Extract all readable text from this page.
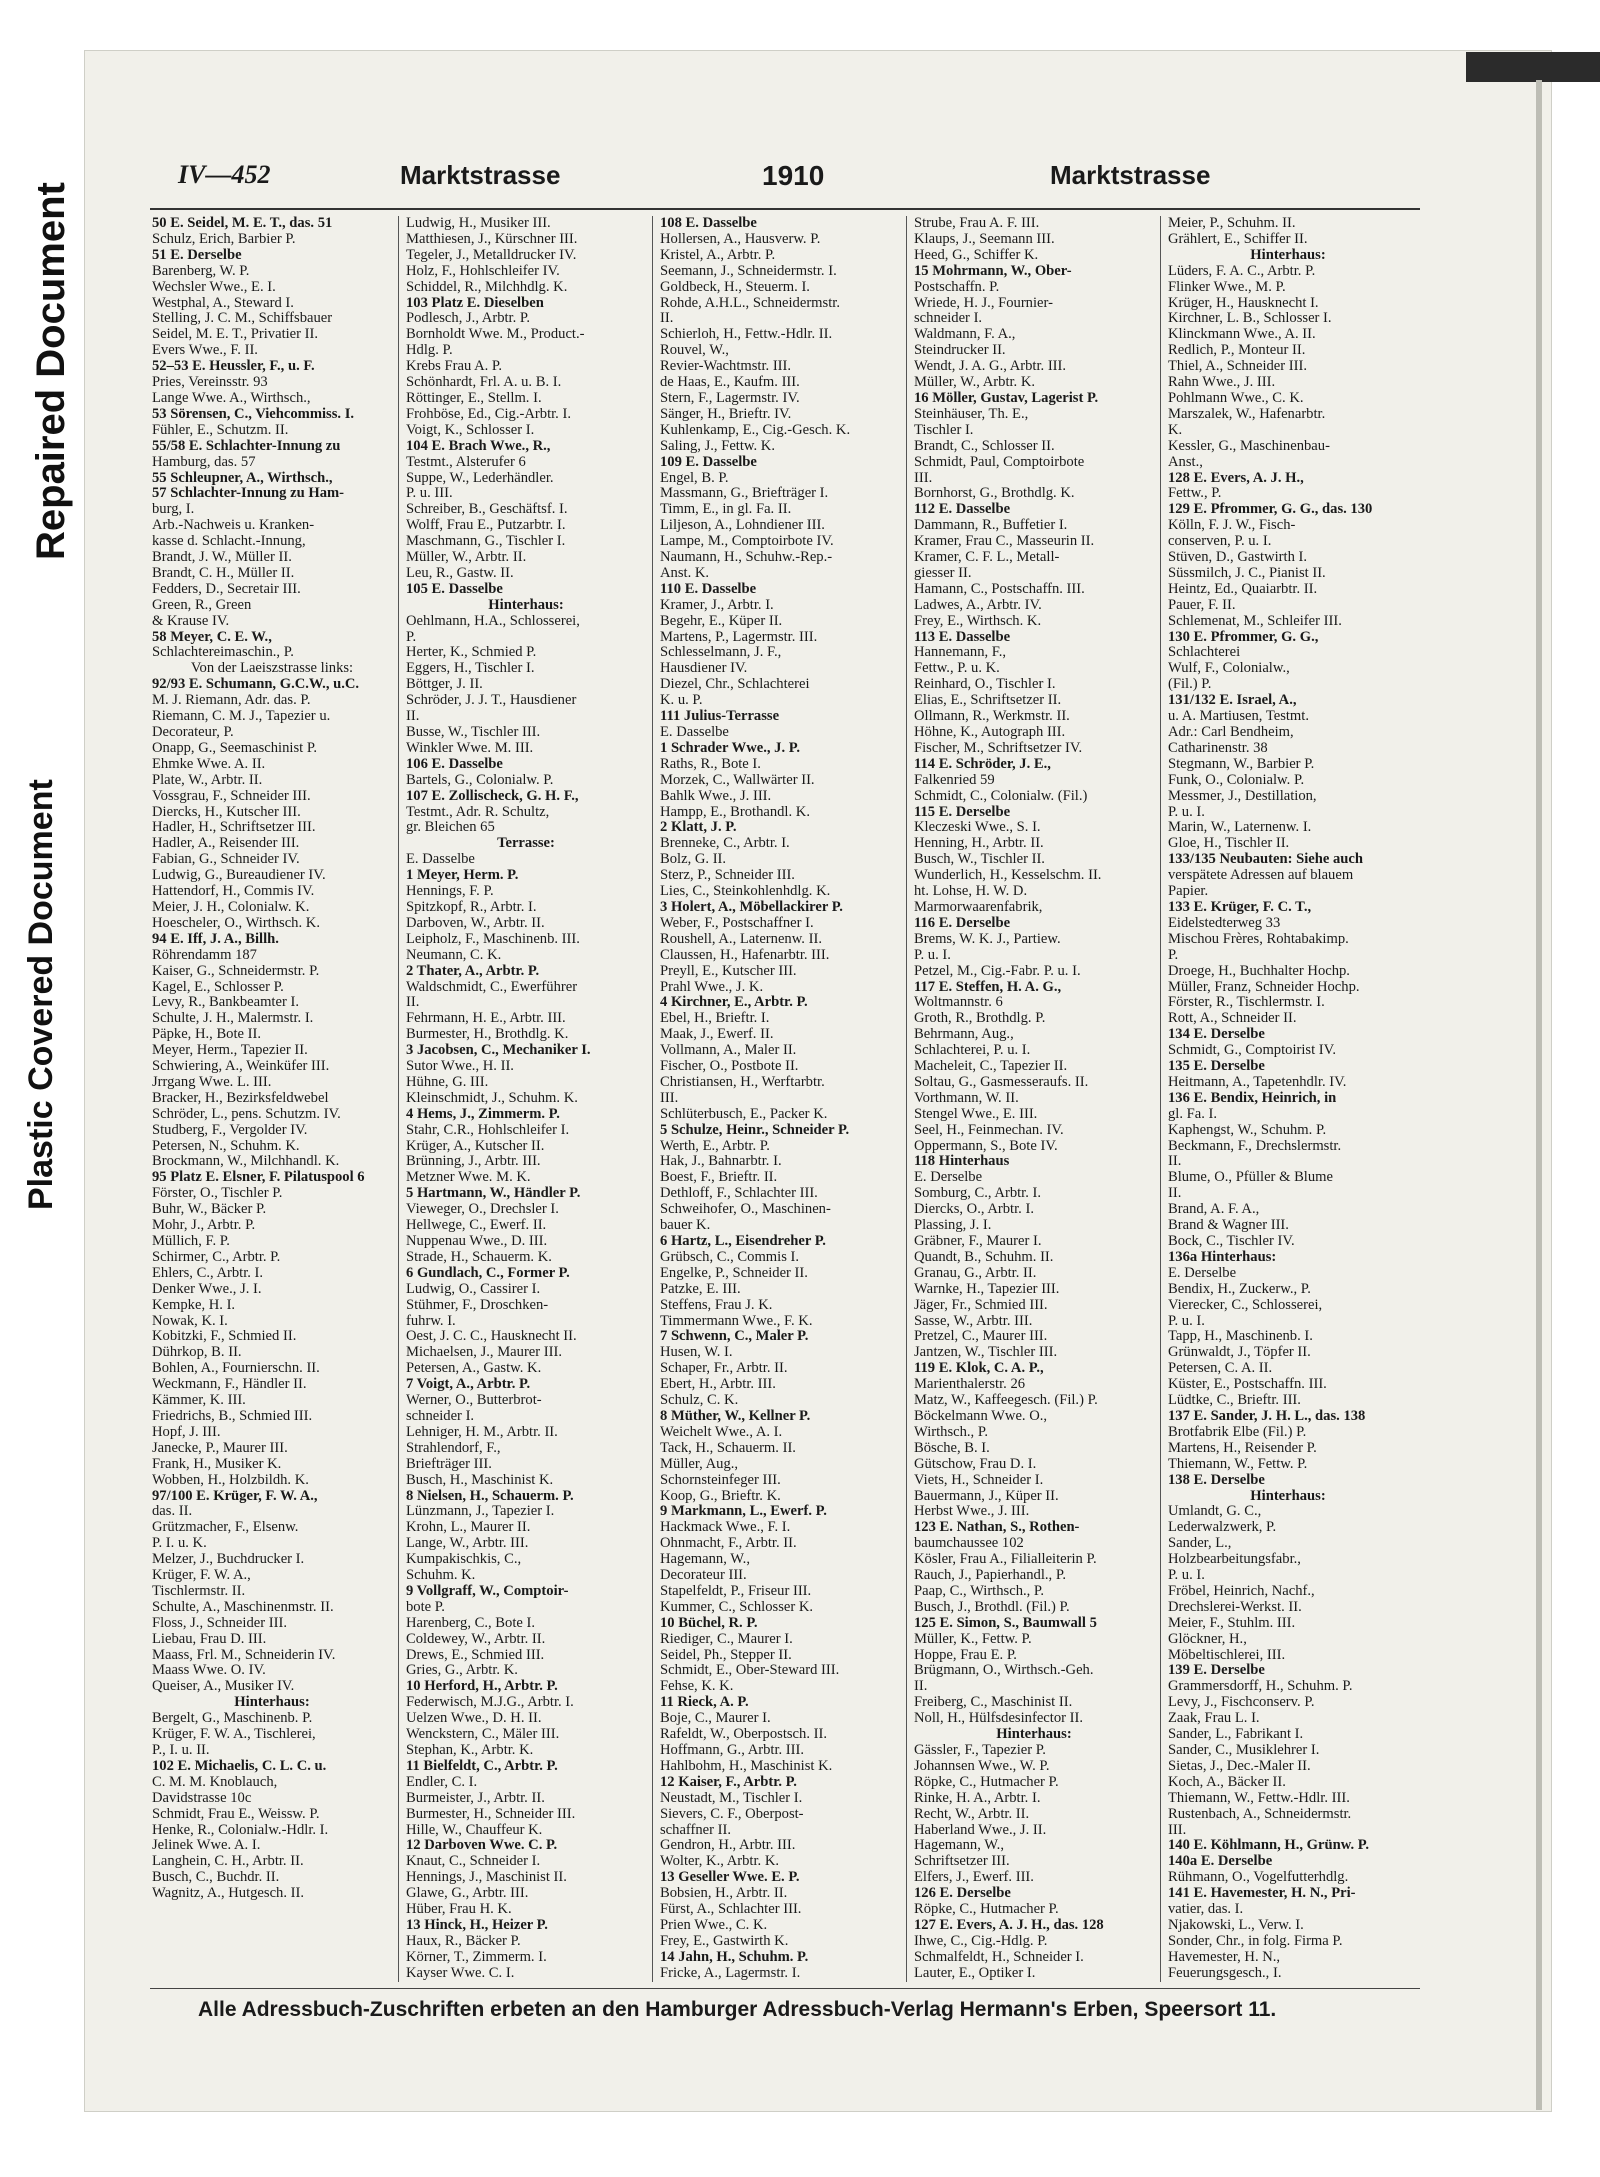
Repaired Document
Plastic Covered Document
IV—452	Marktstrasse	1910	Marktstrasse
50 E. Seidel, M. E. T., das. 51
Schulz, Erich, Barbier P.
51 E. Derselbe
Barenberg, W. P.
Wechsler Wwe., E. I.
Westphal, A., Steward I.
Stelling, J. C. M., Schiffsbauer
Seidel, M. E. T., Privatier II.
Evers Wwe., F. II.
52–53 E. Heussler, F., u. F.
Pries, Vereinsstr. 93
Lange Wwe. A., Wirthsch.,
53 Sörensen, C., Viehcommiss. I.
Fühler, E., Schutzm. II.
55/58 E. Schlachter-Innung zu
Hamburg, das. 57
55 Schleupner, A., Wirthsch.,
57 Schlachter-Innung zu Ham-
burg, I.
Arb.-Nachweis u. Kranken-
kasse d. Schlacht.-Innung,
Brandt, J. W., Müller II.
Brandt, C. H., Müller II.
Fedders, D., Secretair III.
Green, R., Green
& Krause IV.
58 Meyer, C. E. W.,
Schlachtereimaschin., P.
Von der Laeiszstrasse links:
92/93 E. Schumann, G.C.W., u.C.
M. J. Riemann, Adr. das. P.
Riemann, C. M. J., Tapezier u.
Decorateur, P.
Onapp, G., Seemaschinist P.
Ehmke Wwe. A. II.
Plate, W., Arbtr. II.
Vossgrau, F., Schneider III.
Diercks, H., Kutscher III.
Hadler, H., Schriftsetzer III.
Hadler, A., Reisender III.
Fabian, G., Schneider IV.
Ludwig, G., Bureaudiener IV.
Hattendorf, H., Commis IV.
Meier, J. H., Colonialw. K.
Hoescheler, O., Wirthsch. K.
94 E. Iff, J. A., Billh.
Röhrendamm 187
Kaiser, G., Schneidermstr. P.
Kagel, E., Schlosser P.
Levy, R., Bankbeamter I.
Schulte, J. H., Malermstr. I.
Päpke, H., Bote II.
Meyer, Herm., Tapezier II.
Schwiering, A., Weinküfer III.
Jrrgang Wwe. L. III.
Bracker, H., Bezirksfeldwebel
Schröder, L., pens. Schutzm. IV.
Studberg, F., Vergolder IV.
Petersen, N., Schuhm. K.
Brockmann, W., Milchhandl. K.
95 Platz E. Elsner, F. Pilatuspool 6
Förster, O., Tischler P.
Buhr, W., Bäcker P.
Mohr, J., Arbtr. P.
Müllich, F. P.
Schirmer, C., Arbtr. P.
Ehlers, C., Arbtr. I.
Denker Wwe., J. I.
Kempke, H. I.
Nowak, K. I.
Kobitzki, F., Schmied II.
Dührkop, B. II.
Bohlen, A., Fournierschn. II.
Weckmann, F., Händler II.
Kämmer, K. III.
Friedrichs, B., Schmied III.
Hopf, J. III.
Janecke, P., Maurer III.
Frank, H., Musiker K.
Wobben, H., Holzbildh. K.
97/100 E. Krüger, F. W. A.,
das. II.
Grützmacher, F., Elsenw.
P. I. u. K.
Melzer, J., Buchdrucker I.
Krüger, F. W. A.,
Tischlermstr. II.
Schulte, A., Maschinenmstr. II.
Floss, J., Schneider III.
Liebau, Frau D. III.
Maass, Frl. M., Schneiderin IV.
Maass Wwe. O. IV.
Queiser, A., Musiker IV.
Hinterhaus:
Bergelt, G., Maschinenb. P.
Krüger, F. W. A., Tischlerei,
P., I. u. II.
102 E. Michaelis, C. L. C. u.
C. M. M. Knoblauch,
Davidstrasse 10c
Schmidt, Frau E., Weissw. P.
Henke, R., Colonialw.-Hdlr. I.
Jelinek Wwe. A. I.
Langhein, C. H., Arbtr. II.
Busch, C., Buchdr. II.
Wagnitz, A., Hutgesch. II.
Ludwig, H., Musiker III.
Matthiesen, J., Kürschner III.
Tegeler, J., Metalldrucker IV.
Holz, F., Hohlschleifer IV.
Schiddel, R., Milchhdlg. K.
103 Platz E. Dieselben
Podlesch, J., Arbtr. P.
Bornholdt Wwe. M., Product.-
Hdlg. P.
Krebs Frau A. P.
Schönhardt, Frl. A. u. B. I.
Röttinger, E., Stellm. I.
Frohböse, Ed., Cig.-Arbtr. I.
Voigt, K., Schlosser I.
104 E. Brach Wwe., R.,
Testmt., Alsterufer 6
Suppe, W., Lederhändler.
P. u. III.
Schreiber, B., Geschäftsf. I.
Wolff, Frau E., Putzarbtr. I.
Maschmann, G., Tischler I.
Müller, W., Arbtr. II.
Leu, R., Gastw. II.
105 E. Dasselbe
Hinterhaus:
Oehlmann, H.A., Schlosserei,
P.
Herter, K., Schmied P.
Eggers, H., Tischler I.
Böttger, J. II.
Schröder, J. J. T., Hausdiener
II.
Busse, W., Tischler III.
Winkler Wwe. M. III.
106 E. Dasselbe
Bartels, G., Colonialw. P.
107 E. Zollischeck, G. H. F.,
Testmt., Adr. R. Schultz,
gr. Bleichen 65
Terrasse:
E. Dasselbe
1 Meyer, Herm. P.
Hennings, F. P.
Spitzkopf, R., Arbtr. I.
Darboven, W., Arbtr. II.
Leipholz, F., Maschinenb. III.
Neumann, C. K.
2 Thater, A., Arbtr. P.
Waldschmidt, C., Ewerführer
II.
Fehrmann, H. E., Arbtr. III.
Burmester, H., Brothdlg. K.
3 Jacobsen, C., Mechaniker I.
Sutor Wwe., H. II.
Hühne, G. III.
Kleinschmidt, J., Schuhm. K.
4 Hems, J., Zimmerm. P.
Stahr, C.R., Hohlschleifer I.
Krüger, A., Kutscher II.
Brünning, J., Arbtr. III.
Metzner Wwe. M. K.
5 Hartmann, W., Händler P.
Vieweger, O., Drechsler I.
Hellwege, C., Ewerf. II.
Nuppenau Wwe., D. III.
Strade, H., Schauerm. K.
6 Gundlach, C., Former P.
Ludwig, O., Cassirer I.
Stühmer, F., Droschken-
fuhrw. I.
Oest, J. C. C., Hausknecht II.
Michaelsen, J., Maurer III.
Petersen, A., Gastw. K.
7 Voigt, A., Arbtr. P.
Werner, O., Butterbrot-
schneider I.
Lehniger, H. M., Arbtr. II.
Strahlendorf, F.,
Briefträger III.
Busch, H., Maschinist K.
8 Nielsen, H., Schauerm. P.
Lünzmann, J., Tapezier I.
Krohn, L., Maurer II.
Lange, W., Arbtr. III.
Kumpakischkis, C.,
Schuhm. K.
9 Vollgraff, W., Comptoir-
bote P.
Harenberg, C., Bote I.
Coldewey, W., Arbtr. II.
Drews, E., Schmied III.
Gries, G., Arbtr. K.
10 Herford, H., Arbtr. P.
Federwisch, M.J.G., Arbtr. I.
Uelzen Wwe., D. H. II.
Wenckstern, C., Mäler III.
Stephan, K., Arbtr. K.
11 Bielfeldt, C., Arbtr. P.
Endler, C. I.
Burmeister, J., Arbtr. II.
Burmester, H., Schneider III.
Hille, W., Chauffeur K.
12 Darboven Wwe. C. P.
Knaut, C., Schneider I.
Hennings, J., Maschinist II.
Glawe, G., Arbtr. III.
Hüber, Frau H. K.
13 Hinck, H., Heizer P.
Haux, R., Bäcker P.
Körner, T., Zimmerm. I.
Kayser Wwe. C. I.
108 E. Dasselbe
Hollersen, A., Hausverw. P.
Kristel, A., Arbtr. P.
Seemann, J., Schneidermstr. I.
Goldbeck, H., Steuerm. I.
Rohde, A.H.L., Schneidermstr.
II.
Schierloh, H., Fettw.-Hdlr. II.
Rouvel, W.,
Revier-Wachtmstr. III.
de Haas, E., Kaufm. III.
Stern, F., Lagermstr. IV.
Sänger, H., Brieftr. IV.
Kuhlenkamp, E., Cig.-Gesch. K.
Saling, J., Fettw. K.
109 E. Dasselbe
Engel, B. P.
Massmann, G., Briefträger I.
Timm, E., in gl. Fa. II.
Liljeson, A., Lohndiener III.
Lampe, M., Comptoirbote IV.
Naumann, H., Schuhw.-Rep.-
Anst. K.
110 E. Dasselbe
Kramer, J., Arbtr. I.
Begehr, E., Küper II.
Martens, P., Lagermstr. III.
Schlesselmann, J. F.,
Hausdiener IV.
Diezel, Chr., Schlachterei
K. u. P.
111 Julius-Terrasse
E. Dasselbe
1 Schrader Wwe., J. P.
Raths, R., Bote I.
Morzek, C., Wallwärter II.
Bahlk Wwe., J. III.
Hampp, E., Brothandl. K.
2 Klatt, J. P.
Brenneke, C., Arbtr. I.
Bolz, G. II.
Sterz, P., Schneider III.
Lies, C., Steinkohlenhdlg. K.
3 Holert, A., Möbellackirer P.
Weber, F., Postschaffner I.
Roushell, A., Laternenw. II.
Claussen, H., Hafenarbtr. III.
Preyll, E., Kutscher III.
Prahl Wwe., J. K.
4 Kirchner, E., Arbtr. P.
Ebel, H., Brieftr. I.
Maak, J., Ewerf. II.
Vollmann, A., Maler II.
Fischer, O., Postbote II.
Christiansen, H., Werftarbtr.
III.
Schlüterbusch, E., Packer K.
5 Schulze, Heinr., Schneider P.
Werth, E., Arbtr. P.
Hak, J., Bahnarbtr. I.
Boest, F., Brieftr. II.
Dethloff, F., Schlachter III.
Schweihofer, O., Maschinen-
bauer K.
6 Hartz, L., Eisendreher P.
Grübsch, C., Commis I.
Engelke, P., Schneider II.
Patzke, E. III.
Steffens, Frau J. K.
Timmermann Wwe., F. K.
7 Schwenn, C., Maler P.
Husen, W. I.
Schaper, Fr., Arbtr. II.
Ebert, H., Arbtr. III.
Schulz, C. K.
8 Müther, W., Kellner P.
Weichelt Wwe., A. I.
Tack, H., Schauerm. II.
Müller, Aug.,
Schornsteinfeger III.
Koop, G., Brieftr. K.
9 Markmann, L., Ewerf. P.
Hackmack Wwe., F. I.
Ohnmacht, F., Arbtr. II.
Hagemann, W.,
Decorateur III.
Stapelfeldt, P., Friseur III.
Kummer, C., Schlosser K.
10 Büchel, R. P.
Riediger, C., Maurer I.
Seidel, Ph., Stepper II.
Schmidt, E., Ober-Steward III.
Fehse, K. K.
11 Rieck, A. P.
Boje, C., Maurer I.
Rafeldt, W., Oberpostsch. II.
Hoffmann, G., Arbtr. III.
Hahlbohm, H., Maschinist K.
12 Kaiser, F., Arbtr. P.
Neustadt, M., Tischler I.
Sievers, C. F., Oberpost-
schaffner II.
Gendron, H., Arbtr. III.
Wolter, K., Arbtr. K.
13 Geseller Wwe. E. P.
Bobsien, H., Arbtr. II.
Fürst, A., Schlachter III.
Prien Wwe., C. K.
Frey, E., Gastwirth K.
14 Jahn, H., Schuhm. P.
Fricke, A., Lagermstr. I.
Strube, Frau A. F. III.
Klaups, J., Seemann III.
Heed, G., Schiffer K.
15 Mohrmann, W., Ober-
Postschaffn. P.
Wriede, H. J., Fournier-
schneider I.
Waldmann, F. A.,
Steindrucker II.
Wendt, J. A. G., Arbtr. III.
Müller, W., Arbtr. K.
16 Möller, Gustav, Lagerist P.
Steinhäuser, Th. E.,
Tischler I.
Brandt, C., Schlosser II.
Schmidt, Paul, Comptoirbote
III.
Bornhorst, G., Brothdlg. K.
112 E. Dasselbe
Dammann, R., Buffetier I.
Kramer, Frau C., Masseurin II.
Kramer, C. F. L., Metall-
giesser II.
Hamann, C., Postschaffn. III.
Ladwes, A., Arbtr. IV.
Frey, E., Wirthsch. K.
113 E. Dasselbe
Hannemann, F.,
Fettw., P. u. K.
Reinhard, O., Tischler I.
Elias, E., Schriftsetzer II.
Ollmann, R., Werkmstr. II.
Höhne, K., Autograph III.
Fischer, M., Schriftsetzer IV.
114 E. Schröder, J. E.,
Falkenried 59
Schmidt, C., Colonialw. (Fil.)
115 E. Derselbe
Kleczeski Wwe., S. I.
Henning, H., Arbtr. II.
Busch, W., Tischler II.
Wunderlich, H., Kesselschm. II.
ht. Lohse, H. W. D.
Marmorwaarenfabrik,
116 E. Derselbe
Brems, W. K. J., Partiew.
P. u. I.
Petzel, M., Cig.-Fabr. P. u. I.
117 E. Steffen, H. A. G.,
Woltmannstr. 6
Groth, R., Brothdlg. P.
Behrmann, Aug.,
Schlachterei, P. u. I.
Macheleit, C., Tapezier II.
Soltau, G., Gasmesseraufs. II.
Vorthmann, W. II.
Stengel Wwe., E. III.
Seel, H., Feinmechan. IV.
Oppermann, S., Bote IV.
118 Hinterhaus
E. Derselbe
Somburg, C., Arbtr. I.
Diercks, O., Arbtr. I.
Plassing, J. I.
Gräbner, F., Maurer I.
Quandt, B., Schuhm. II.
Granau, G., Arbtr. II.
Warnke, H., Tapezier III.
Jäger, Fr., Schmied III.
Sasse, W., Arbtr. III.
Pretzel, C., Maurer III.
Jantzen, W., Tischler III.
119 E. Klok, C. A. P.,
Marienthalerstr. 26
Matz, W., Kaffeegesch. (Fil.) P.
Böckelmann Wwe. O.,
Wirthsch., P.
Bösche, B. I.
Gütschow, Frau D. I.
Viets, H., Schneider I.
Bauermann, J., Küper II.
Herbst Wwe., J. III.
123 E. Nathan, S., Rothen-
baumchaussee 102
Kösler, Frau A., Filialleiterin P.
Rauch, J., Papierhandl., P.
Paap, C., Wirthsch., P.
Busch, J., Brothdl. (Fil.) P.
125 E. Simon, S., Baumwall 5
Müller, K., Fettw. P.
Hoppe, Frau E. P.
Brügmann, O., Wirthsch.-Geh.
II.
Freiberg, C., Maschinist II.
Noll, H., Hülfsdesinfector II.
Hinterhaus:
Gässler, F., Tapezier P.
Johannsen Wwe., W. P.
Röpke, C., Hutmacher P.
Rinke, H. A., Arbtr. I.
Recht, W., Arbtr. II.
Haberland Wwe., J. II.
Hagemann, W.,
Schriftsetzer III.
Elfers, J., Ewerf. III.
126 E. Derselbe
Röpke, C., Hutmacher P.
127 E. Evers, A. J. H., das. 128
Ihwe, C., Cig.-Hdlg. P.
Schmalfeldt, H., Schneider I.
Lauter, E., Optiker I.
Meier, P., Schuhm. II.
Grählert, E., Schiffer II.
Hinterhaus:
Lüders, F. A. C., Arbtr. P.
Flinker Wwe., M. P.
Krüger, H., Hausknecht I.
Kirchner, L. B., Schlosser I.
Klinckmann Wwe., A. II.
Redlich, P., Monteur II.
Thiel, A., Schneider III.
Rahn Wwe., J. III.
Pohlmann Wwe., C. K.
Marszalek, W., Hafenarbtr.
K.
Kessler, G., Maschinenbau-
Anst.,
128 E. Evers, A. J. H.,
Fettw., P.
129 E. Pfrommer, G. G., das. 130
Kölln, F. J. W., Fisch-
conserven, P. u. I.
Stüven, D., Gastwirth I.
Süssmilch, J. C., Pianist II.
Heintz, Ed., Quaiarbtr. II.
Pauer, F. II.
Schlemenat, M., Schleifer III.
130 E. Pfrommer, G. G.,
Schlachterei
Wulf, F., Colonialw.,
(Fil.) P.
131/132 E. Israel, A.,
u. A. Martiusen, Testmt.
Adr.: Carl Bendheim,
Catharinenstr. 38
Stegmann, W., Barbier P.
Funk, O., Colonialw. P.
Messmer, J., Destillation,
P. u. I.
Marin, W., Laternenw. I.
Gloe, H., Tischler II.
133/135 Neubauten: Siehe auch
verspätete Adressen auf blauem
Papier.
133 E. Krüger, F. C. T.,
Eidelstedterweg 33
Mischou Frères, Rohtabakimp.
P.
Droege, H., Buchhalter Hochp.
Müller, Franz, Schneider Hochp.
Förster, R., Tischlermstr. I.
Rott, A., Schneider II.
134 E. Derselbe
Schmidt, G., Comptoirist IV.
135 E. Derselbe
Heitmann, A., Tapetenhdlr. IV.
136 E. Bendix, Heinrich, in
gl. Fa. I.
Kaphengst, W., Schuhm. P.
Beckmann, F., Drechslermstr.
II.
Blume, O., Pfüller & Blume
II.
Brand, A. F. A.,
Brand & Wagner III.
Bock, C., Tischler IV.
136a Hinterhaus:
E. Derselbe
Bendix, H., Zuckerw., P.
Vierecker, C., Schlosserei,
P. u. I.
Tapp, H., Maschinenb. I.
Grünwaldt, J., Töpfer II.
Petersen, C. A. II.
Küster, E., Postschaffn. III.
Lüdtke, C., Brieftr. III.
137 E. Sander, J. H. L., das. 138
Brotfabrik Elbe (Fil.) P.
Martens, H., Reisender P.
Thiemann, W., Fettw. P.
138 E. Derselbe
Hinterhaus:
Umlandt, G. C.,
Lederwalzwerk, P.
Sander, L.,
Holzbearbeitungsfabr.,
P. u. I.
Fröbel, Heinrich, Nachf.,
Drechslerei-Werkst. II.
Meier, F., Stuhlm. III.
Glöckner, H.,
Möbeltischlerei, III.
139 E. Derselbe
Grammersdorff, H., Schuhm. P.
Levy, J., Fischconserv. P.
Zaak, Frau L. I.
Sander, L., Fabrikant I.
Sander, C., Musiklehrer I.
Sietas, J., Dec.-Maler II.
Koch, A., Bäcker II.
Thiemann, W., Fettw.-Hdlr. III.
Rustenbach, A., Schneidermstr.
III.
140 E. Köhlmann, H., Grünw. P.
140a E. Derselbe
Rühmann, O., Vogelfutterhdlg.
141 E. Havemester, H. N., Pri-
vatier, das. I.
Njakowski, L., Verw. I.
Sonder, Chr., in folg. Firma P.
Havemester, H. N.,
Feuerungsgesch., I.
Alle Adressbuch-Zuschriften erbeten an den Hamburger Adressbuch-Verlag Hermann's Erben, Speersort 11.
